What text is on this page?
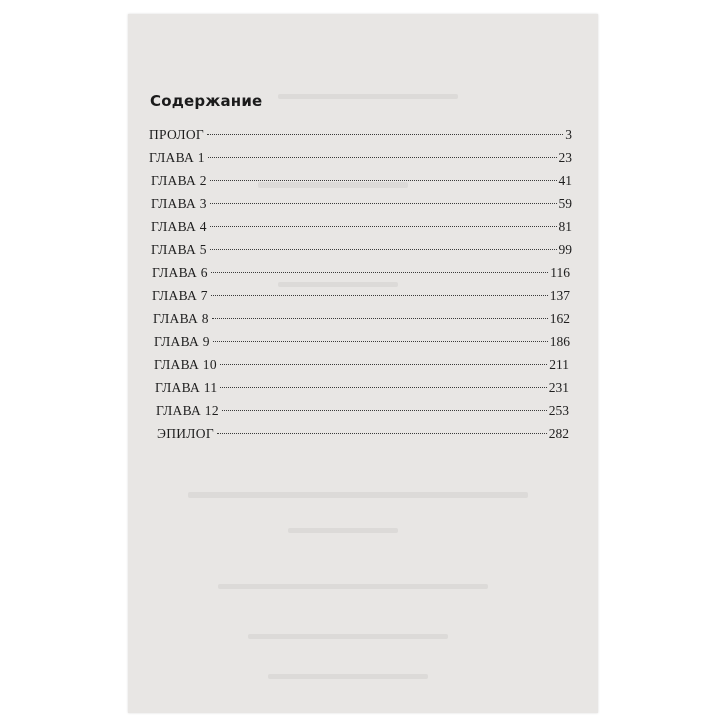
Содержание
ПРОЛОГ	3
ГЛАВА 1	23
ГЛАВА 2	41
ГЛАВА 3	59
ГЛАВА 4	81
ГЛАВА 5	99
ГЛАВА 6	116
ГЛАВА 7	137
ГЛАВА 8	162
ГЛАВА 9	186
ГЛАВА 10	211
ГЛАВА 11	231
ГЛАВА 12	253
ЭПИЛОГ	282
